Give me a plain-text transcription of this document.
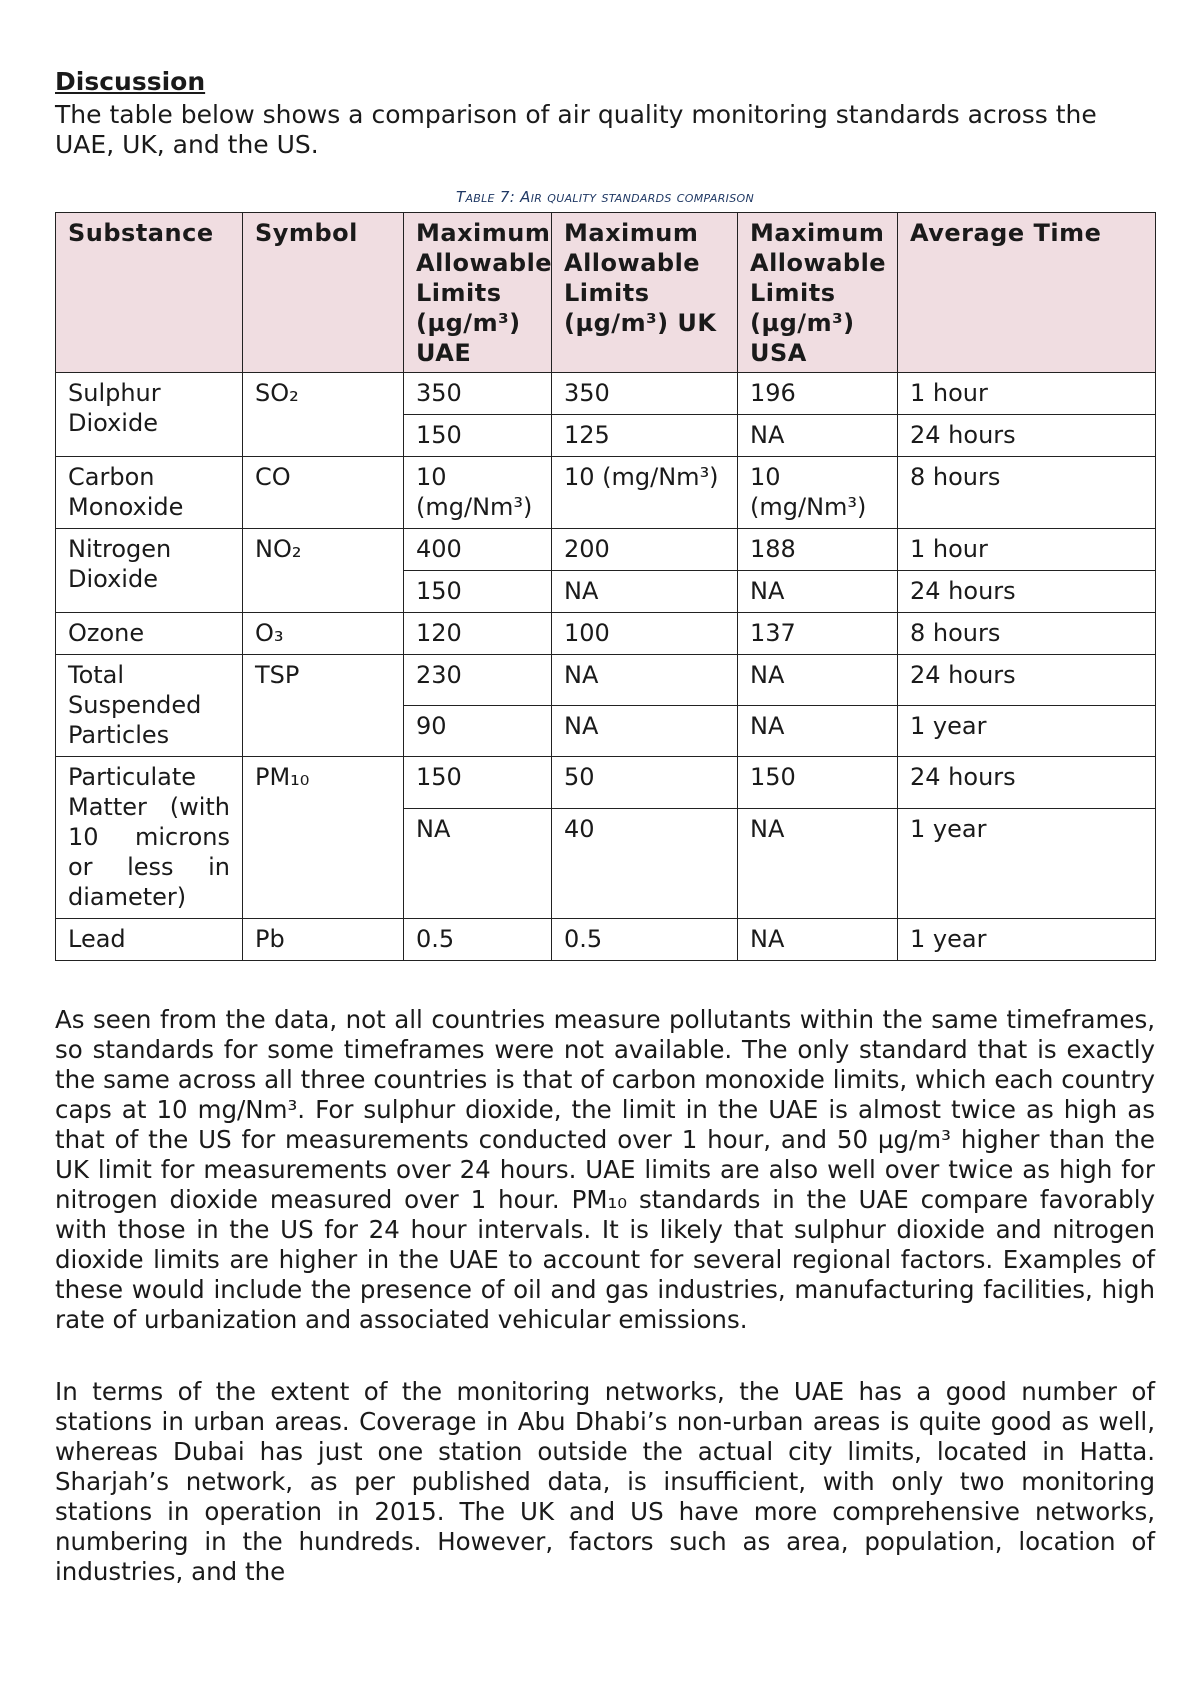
Discussion

The table below shows a comparison of air quality monitoring standards across the UAE, UK, and the US.

Table 7: Air quality standards comparison
Substance	Symbol	Maximum Allowable Limits (µg/m³) UAE	Maximum Allowable Limits (µg/m³) UK	Maximum Allowable Limits (µg/m³) USA	Average Time
Sulphur Dioxide	SO₂	350	350	196	1 hour
		150	125	NA	24 hours
Carbon Monoxide	CO	10 (mg/Nm³)	10 (mg/Nm³)	10 (mg/Nm³)	8 hours
Nitrogen Dioxide	NO₂	400	200	188	1 hour
		150	NA	NA	24 hours
Ozone	O₃	120	100	137	8 hours
Total Suspended Particles	TSP	230	NA	NA	24 hours
		90	NA	NA	1 year
Particulate Matter (with 10 microns or less in diameter)	PM₁₀	150	50	150	24 hours
		NA	40	NA	1 year
Lead	Pb	0.5	0.5	NA	1 year

As seen from the data, not all countries measure pollutants within the same timeframes, so standards for some timeframes were not available. The only standard that is exactly the same across all three countries is that of carbon monoxide limits, which each country caps at 10 mg/Nm³. For sulphur dioxide, the limit in the UAE is almost twice as high as that of the US for measurements conducted over 1 hour, and 50 µg/m³ higher than the UK limit for measurements over 24 hours. UAE limits are also well over twice as high for nitrogen dioxide measured over 1 hour. PM₁₀ standards in the UAE compare favorably with those in the US for 24 hour intervals. It is likely that sulphur dioxide and nitrogen dioxide limits are higher in the UAE to account for several regional factors. Examples of these would include the presence of oil and gas industries, manufacturing facilities, high rate of urbanization and associated vehicular emissions.

In terms of the extent of the monitoring networks, the UAE has a good number of stations in urban areas. Coverage in Abu Dhabi’s non-urban areas is quite good as well, whereas Dubai has just one station outside the actual city limits, located in Hatta. Sharjah’s network, as per published data, is insufficient, with only two monitoring stations in operation in 2015. The UK and US have more comprehensive networks, numbering in the hundreds. However, factors such as area, population, location of industries, and the
